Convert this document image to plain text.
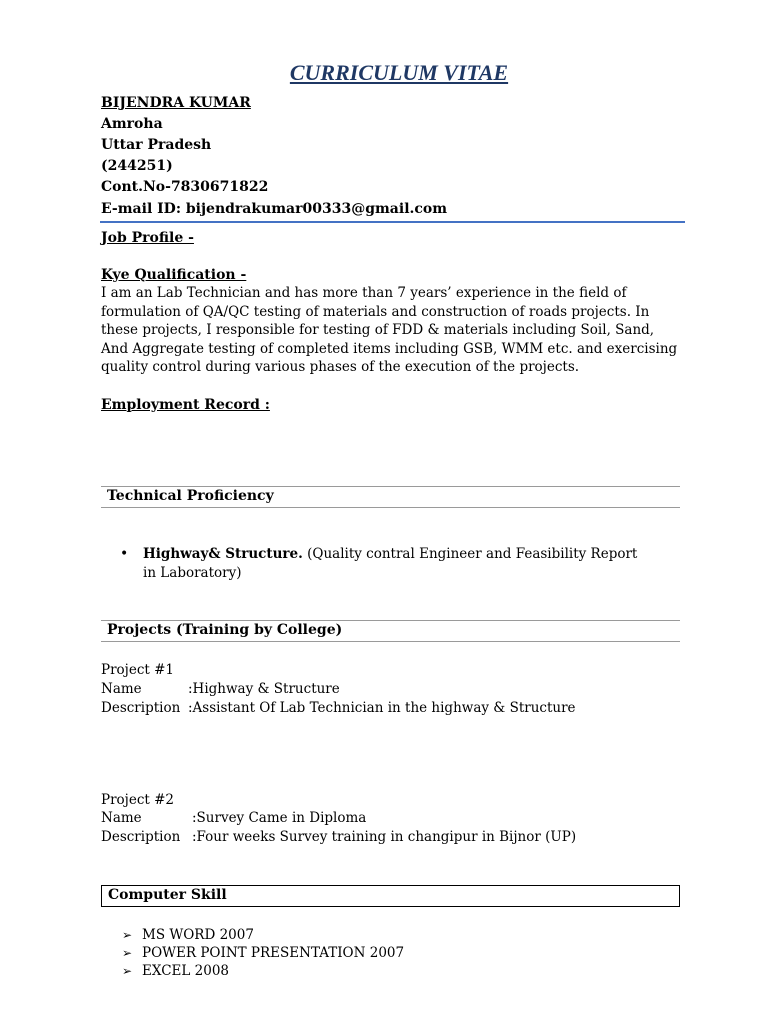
CURRICULUM VITAE
BIJENDRA KUMAR
Amroha
Uttar Pradesh
(244251)
Cont.No-7830671822
E-mail ID: bijendrakumar00333@gmail.com
Job Profile -
Kye Qualification -
I am an Lab Technician and has more than 7 years’ experience in the field of formulation of QA/QC testing of materials and construction of roads projects. In these projects, I responsible for testing of FDD & materials including Soil, Sand, And Aggregate testing of completed items including GSB, WMM etc. and exercising quality control during various phases of the execution of the projects.
Employment Record :
Technical Proficiency
• Highway& Structure. (Quality contral Engineer and Feasibility Report in Laboratory)
Projects (Training by College)
Project #1
Name	:Highway & Structure
Description :Assistant Of Lab Technician in the highway & Structure
Project #2
Name	:Survey Came in Diploma
Description :Four weeks Survey training in changipur in Bijnor (UP)
Computer Skill
➢ MS WORD 2007
➢ POWER POINT PRESENTATION 2007
➢ EXCEL 2008
